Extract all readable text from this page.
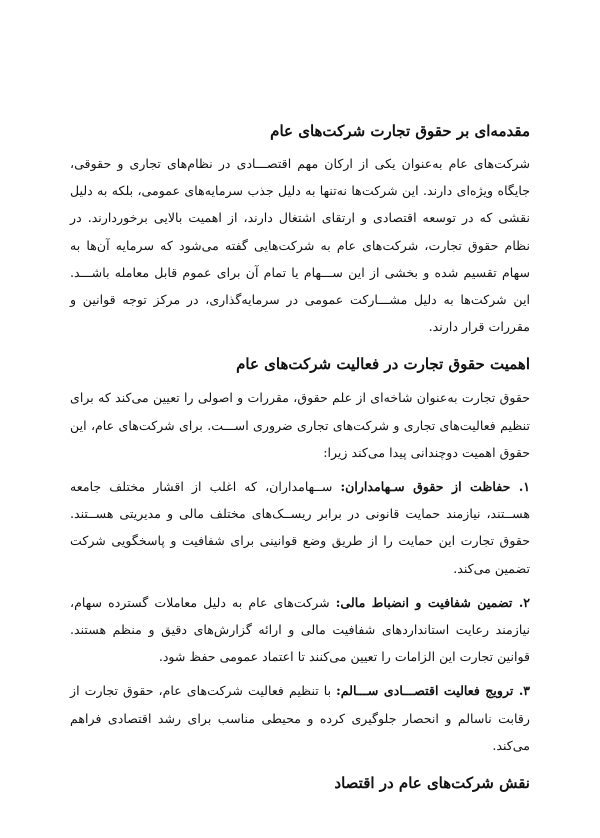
مقدمه‌ای بر حقوق تجارت شرکت‌های عام

شرکت‌های عام به‌عنوان یکی از ارکان مهم اقتصـــادی در نظام‌های تجاری و حقوقی، جایگاه ویژه‌ای دارند. این شرکت‌ها نه‌تنها به دلیل جذب سرمایه‌های عمومی، بلکه به دلیل نقشی که در توسعه اقتصادی و ارتقای اشتغال دارند، از اهمیت بالایی برخوردارند. در نظام حقوق تجارت، شرکت‌های عام به شرکت‌هایی گفته می‌شود که سرمایه آن‌ها به سهام تقسیم شده و بخشی از این ســـهام یا تمام آن برای عموم قابل معامله باشـــد. این شرکت‌ها به دلیل مشـــارکت عمومی در سرمایه‌گذاری، در مرکز توجه قوانین و مقررات قرار دارند.

اهمیت حقوق تجارت در فعالیت شرکت‌های عام

حقوق تجارت به‌عنوان شاخه‌ای از علم حقوق، مقررات و اصولی را تعیین می‌کند که برای تنظیم فعالیت‌های تجاری و شرکت‌های تجاری ضروری اســـت. برای شرکت‌های عام، این حقوق اهمیت دوچندانی پیدا می‌کند زیرا:

۱. حفاظت از حقوق سـهامداران: ســهامداران، که اغلب از اقشار مختلف جامعه هســتند، نیازمند حمایت قانونی در برابر ریســک‌های مختلف مالی و مدیریتی هســتند. حقوق تجارت این حمایت را از طریق وضع قوانینی برای شفافیت و پاسخگویی شرکت تضمین می‌کند.

۲. تضمین شفافیت و انضباط مالی: شرکت‌های عام به دلیل معاملات گسترده سهام، نیازمند رعایت استانداردهای شفافیت مالی و ارائه گزارش‌های دقیق و منظم هستند. قوانین تجارت این الزامات را تعیین می‌کنند تا اعتماد عمومی حفظ شود.

۳. ترویج فعالیت اقتصـــادی ســـالم: با تنظیم فعالیت شرکت‌های عام، حقوق تجارت از رقابت ناسالم و انحصار جلوگیری کرده و محیطی مناسب برای رشد اقتصادی فراهم می‌کند.

نقش شرکت‌های عام در اقتصاد
